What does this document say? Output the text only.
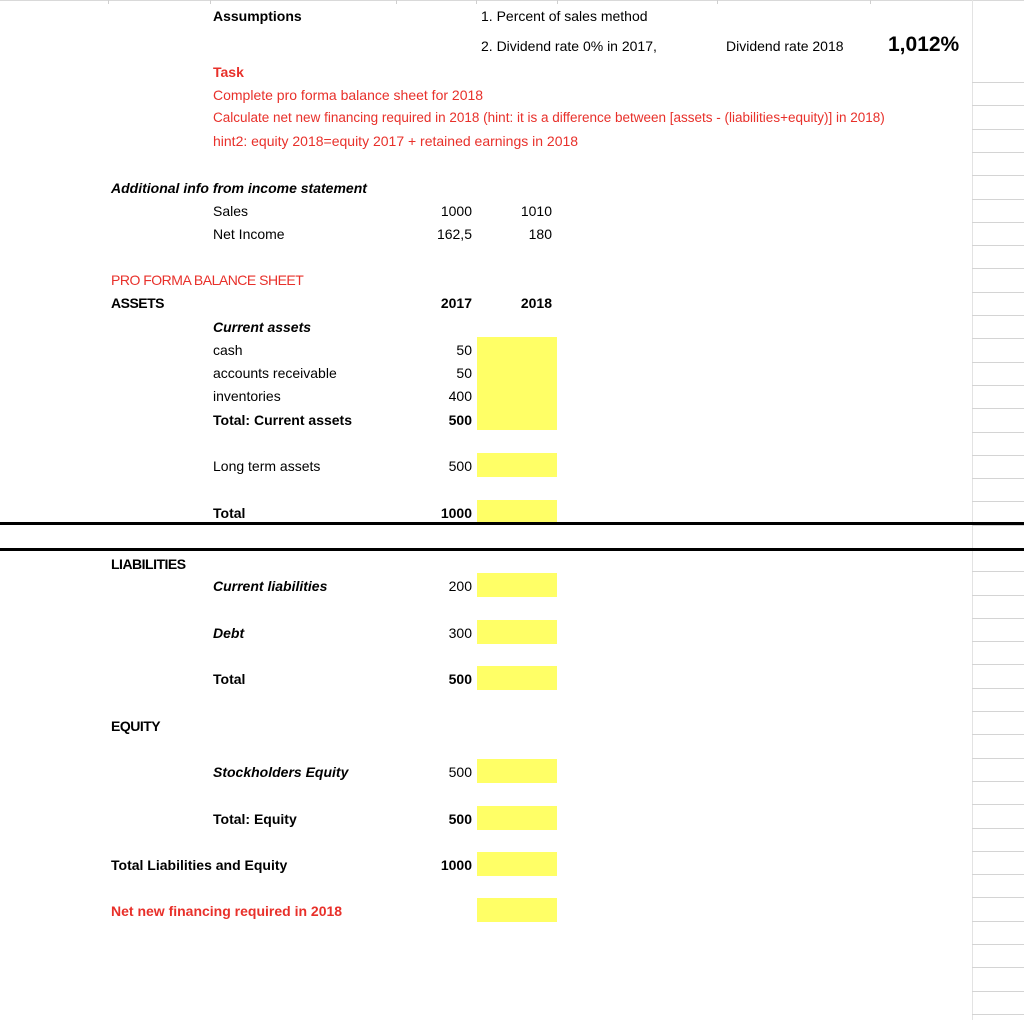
Assumptions	1. Percent of sales method
2. Dividend rate 0% in 2017,	Dividend rate 2018 1,012%
Task
Complete pro forma balance sheet for 2018
Calculate net new financing required in 2018 (hint: it is a difference between [assets - (liabilities+equity)] in 2018)
hint2: equity 2018=equity 2017 + retained earnings in 2018
Additional info from income statement
Sales	1000	1010
Net Income	162,5	180
PRO FORMA BALANCE SHEET
ASSETS	2017	2018
Current assets
cash	50
accounts receivable	50
inventories	400
Total: Current assets	500
Long term assets	500
Total	1000
LIABILITIES
Current liabilities	200
Debt	300
Total	500
EQUITY
Stockholders Equity	500
Total: Equity	500
Total Liabilities and Equity	1000
Net new financing required in 2018
